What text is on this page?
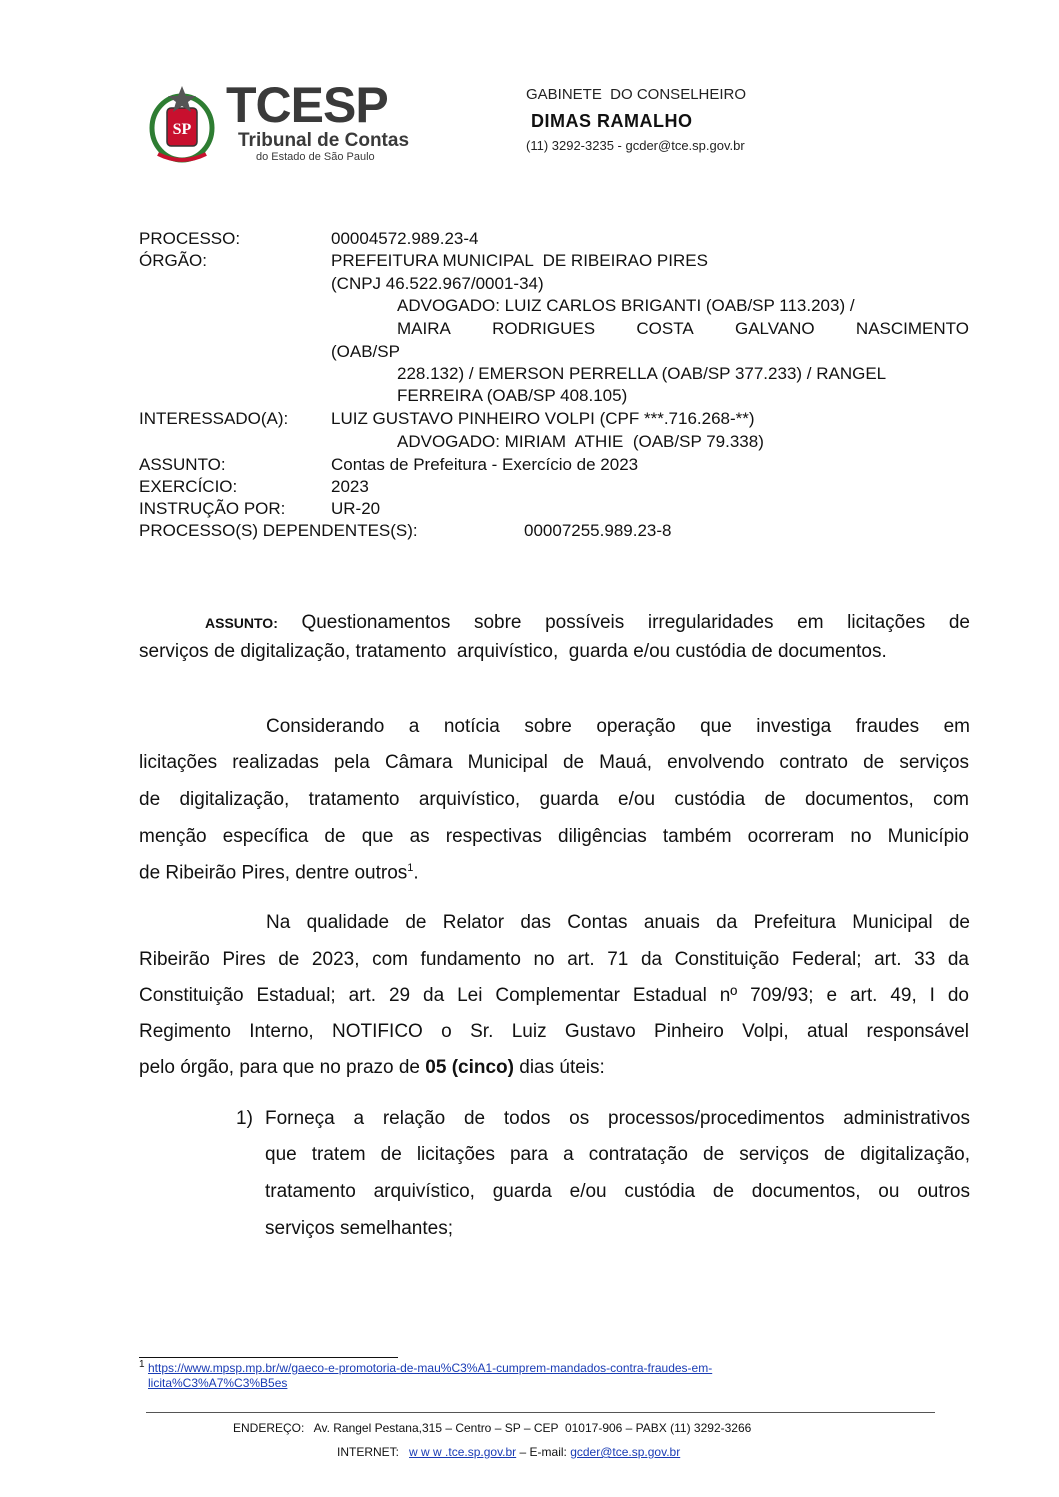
SP TCESP
Tribunal de Contas
do Estado de São Paulo
GABINETE  DO CONSELHEIRO
DIMAS RAMALHO
(11) 3292-3235 - gcder@tce.sp.gov.br
PROCESSO:	00004572.989.23-4
ÓRGÃO:	PREFEITURA MUNICIPAL  DE RIBEIRAO PIRES
(CNPJ 46.522.967/0001-34)
ADVOGADO: LUIZ CARLOS BRIGANTI (OAB/SP 113.203) /
MAIRA RODRIGUES COSTA GALVANO NASCIMENTO
(OAB/SP
228.132) / EMERSON PERRELLA (OAB/SP 377.233) / RANGEL
FERREIRA (OAB/SP 408.105)
INTERESSADO(A):	LUIZ GUSTAVO PINHEIRO VOLPI (CPF ***.716.268-**)
ADVOGADO: MIRIAM  ATHIE  (OAB/SP 79.338)
ASSUNTO:	Contas de Prefeitura - Exercício de 2023
EXERCÍCIO:	2023
INSTRUÇÃO POR:	UR-20
PROCESSO(S) DEPENDENTES(S):	00007255.989.23-8
ASSUNTO: Questionamentos sobre possíveis irregularidades em licitações de
serviços de digitalização, tratamento  arquivístico,  guarda e/ou custódia de documentos.
Considerando a notícia sobre operação que investiga fraudes em
licitações realizadas pela Câmara Municipal de Mauá, envolvendo contrato de serviços
de digitalização, tratamento arquivístico, guarda e/ou custódia de documentos, com
menção específica de que as respectivas diligências também ocorreram no Município
de Ribeirão Pires, dentre outros$^1$.
Na qualidade de Relator das Contas anuais da Prefeitura Municipal de
Ribeirão Pires de 2023, com fundamento no art. 71 da Constituição Federal; art. 33 da
Constituição Estadual; art. 29 da Lei Complementar Estadual nº 709/93; e art. 49, I do
Regimento Interno, NOTIFICO o Sr. Luiz Gustavo Pinheiro Volpi, atual responsável
pelo órgão, para que no prazo de 05 (cinco) dias úteis:
1) Forneça a relação de todos os processos/procedimentos administrativos
que tratem de licitações para a contratação de serviços de digitalização,
tratamento arquivístico, guarda e/ou custódia de documentos, ou outros
serviços semelhantes;
1 https://www.mpsp.mp.br/w/gaeco-e-promotoria-de-mau%C3%A1-cumprem-mandados-contra-fraudes-em-
licita%C3%A7%C3%B5es
ENDEREÇO:   Av. Rangel Pestana,315 – Centro – SP – CEP  01017-906 – PABX (11) 3292-3266
INTERNET: w w w .tce.sp.gov.br – E-mail: gcder@tce.sp.gov.br
